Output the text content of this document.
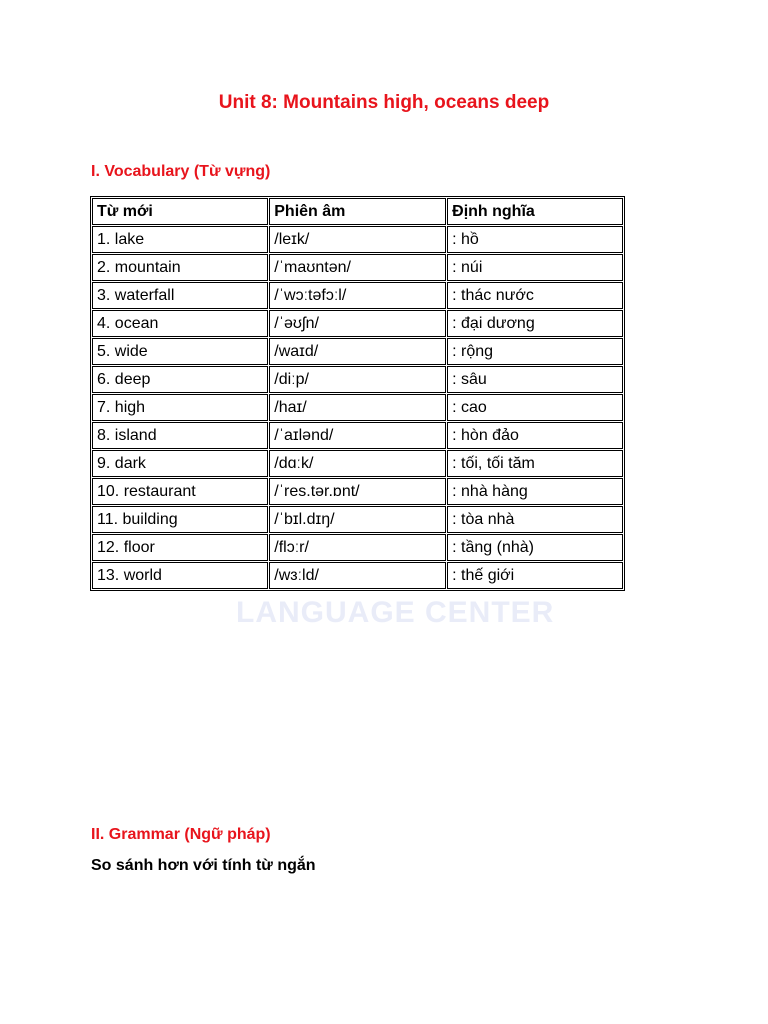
Unit 8: Mountains high, oceans deep
I. Vocabulary (Từ vựng)
LANGUAGE CENTER
Từ mới	Phiên âm	Định nghĩa
1. lake	/leɪk/	: hồ
2. mountain	/ˈmaʊntən/	: núi
3. waterfall	/ˈwɔːtəfɔːl/	: thác nước
4. ocean	/ˈəʊʃn/	: đại dương
5. wide	/waɪd/	: rộng
6. deep	/diːp/	: sâu
7. high	/haɪ/	: cao
8. island	/ˈaɪlənd/	: hòn đảo
9. dark	/dɑːk/	: tối, tối tăm
10. restaurant	/ˈres.tər.ɒnt/	: nhà hàng
11. building	/ˈbɪl.dɪŋ/	: tòa nhà
12. floor	/flɔːr/	: tầng (nhà)
13. world	/wɜːld/	: thế giới
II. Grammar (Ngữ pháp)
So sánh hơn với tính từ ngắn
